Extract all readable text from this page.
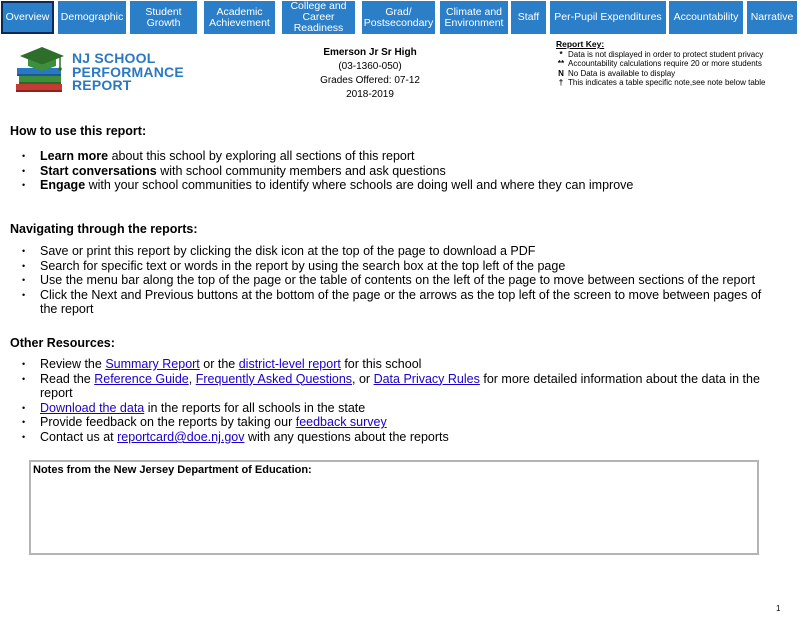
Overview Demographic	Student Growth
Academic Achievement
College and Career Readiness
Grad/ Postsecondary
Climate and Environment Staff Per-Pupil Expenditures Accountability Narrative
NJ SCHOOL
PERFORMANCE
REPORT
Emerson Jr Sr High
(03-1360-050)
Grades Offered: 07-12
2018-2019
Report Key:
* Data is not displayed in order to protect student privacy
** Accountability calculations require 20 or more students
N No Data is available to display
† This indicates a table specific note,see note below table
How to use this report:
• Learn more about this school by exploring all sections of this report
• Start conversations with school community members and ask questions
• Engage with your school communities to identify where schools are doing well and where they can improve
Navigating through the reports:
• Save or print this report by clicking the disk icon at the top of the page to download a PDF
• Search for specific text or words in the report by using the search box at the top left of the page
• Use the menu bar along the top of the page or the table of contents on the left of the page to move between sections of the report
• Click the Next and Previous buttons at the bottom of the page or the arrows as the top left of the screen to move between pages of the report
Other Resources:
• Review the Summary Report or the district-level report for this school
• Read the Reference Guide, Frequently Asked Questions, or Data Privacy Rules for more detailed information about the data in the report
• Download the data in the reports for all schools in the state
• Provide feedback on the reports by taking our feedback survey
• Contact us at reportcard@doe.nj.gov with any questions about the reports
Notes from the New Jersey Department of Education:
1
